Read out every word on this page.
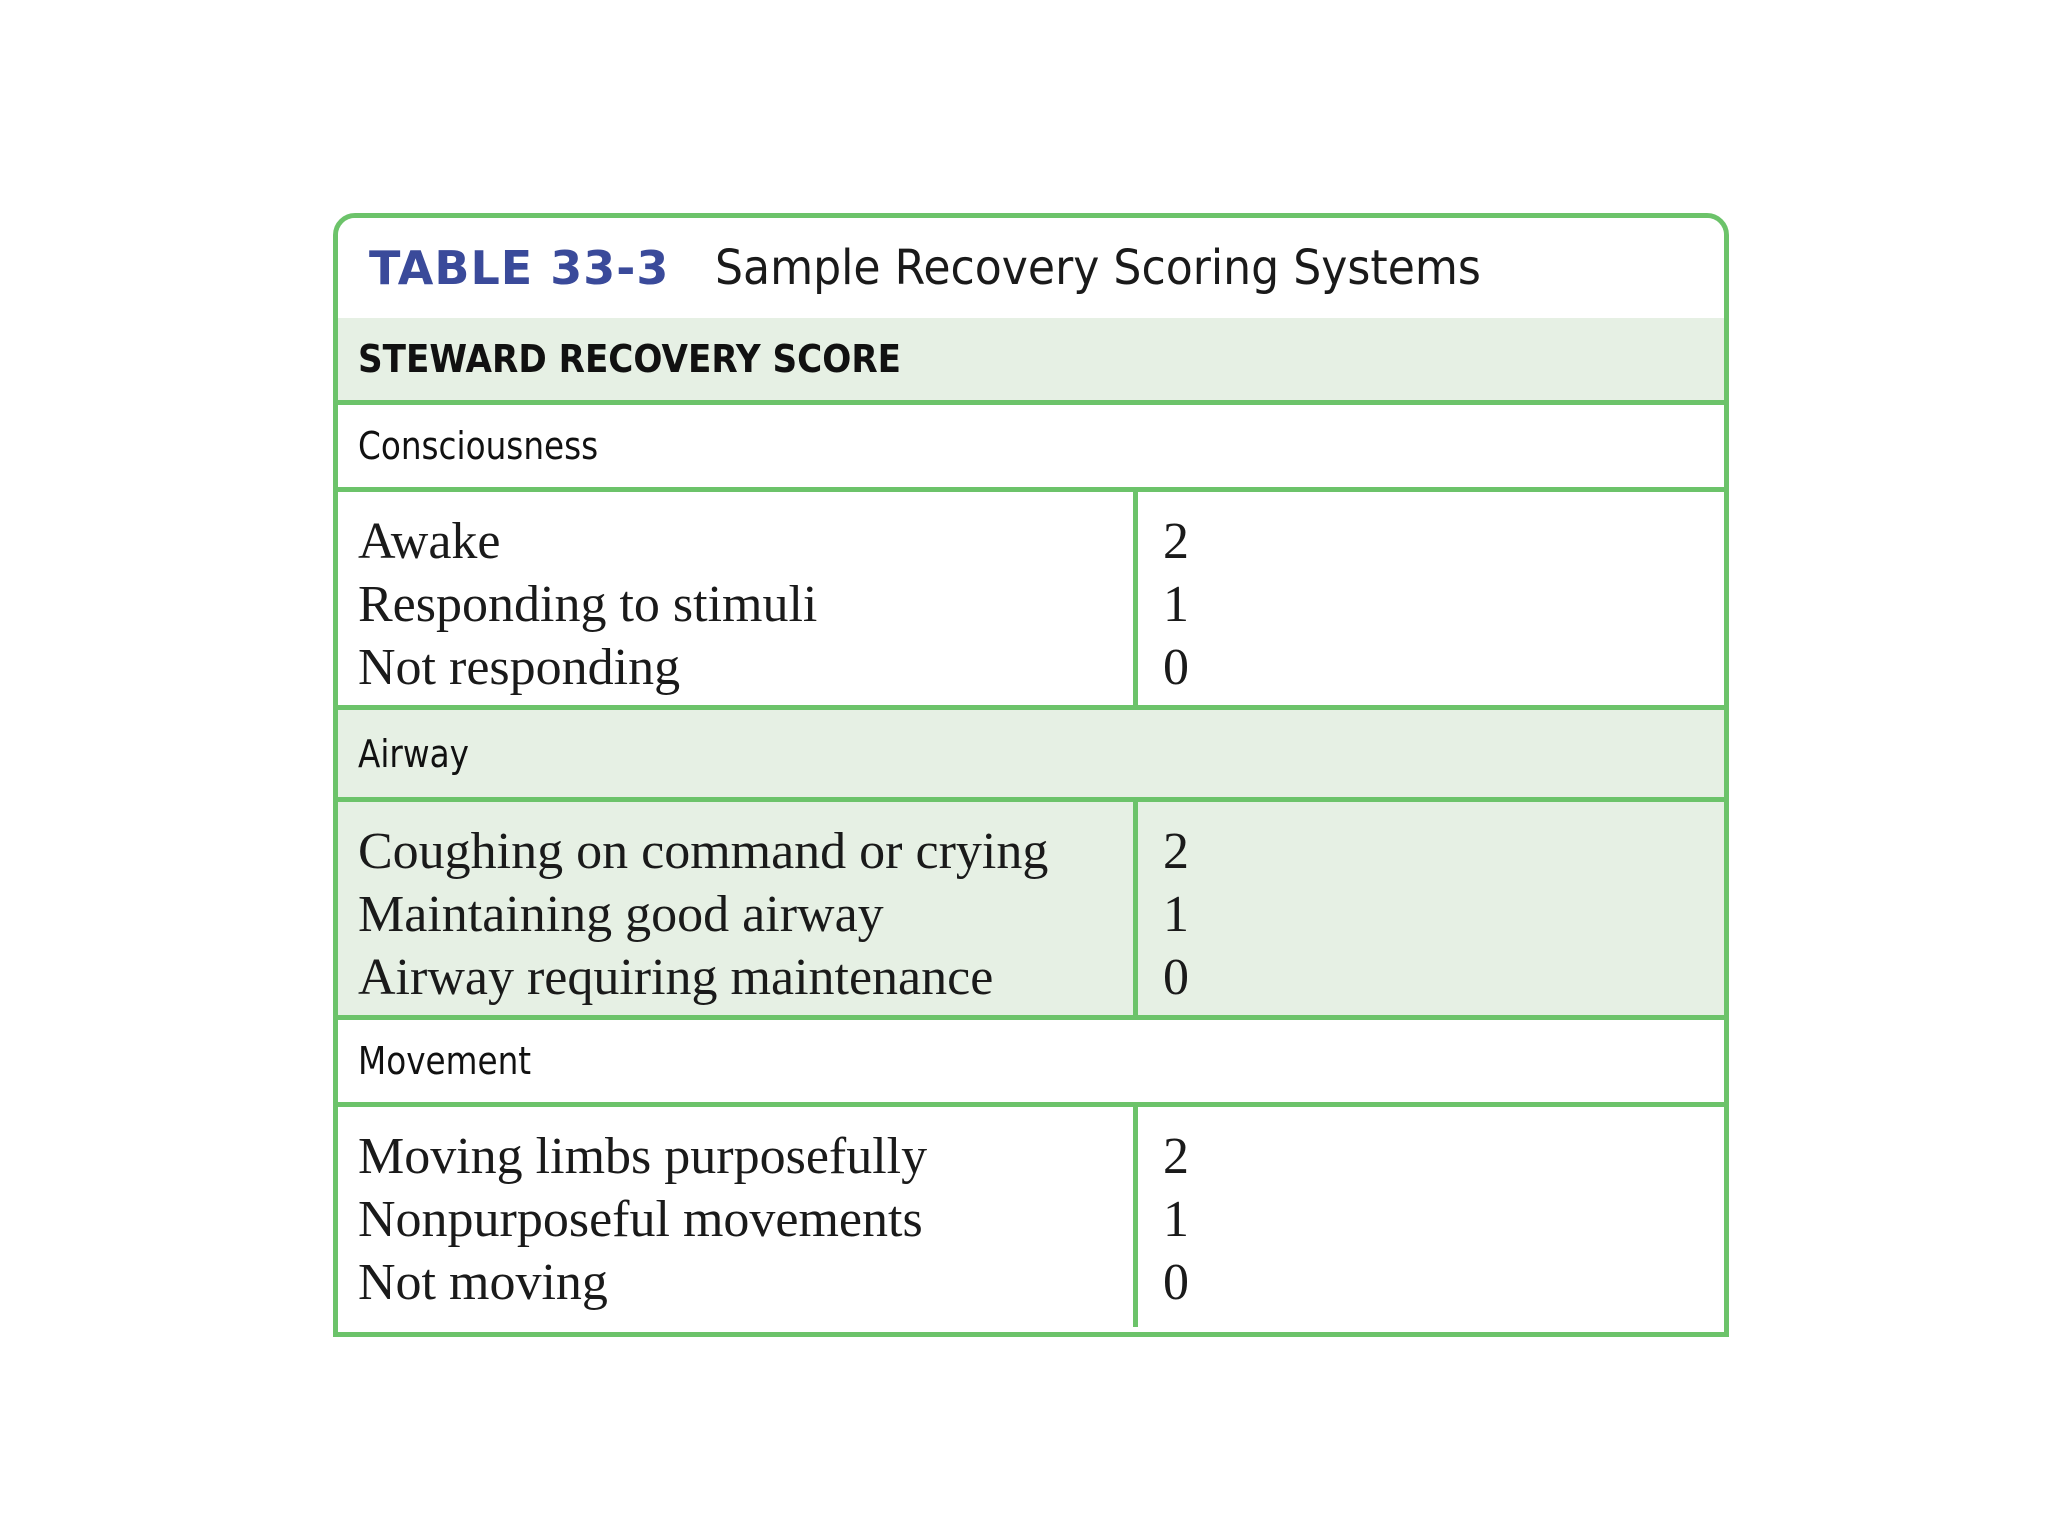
TABLE 33-3 Sample Recovery Scoring Systems
STEWARD RECOVERY SCORE
Consciousness
Awake
Responding to stimuli
Not responding
2
1
0
Airway
Coughing on command or crying
Maintaining good airway
Airway requiring maintenance
2
1
0
Movement
Moving limbs purposefully
Nonpurposeful movements
Not moving
2
1
0
